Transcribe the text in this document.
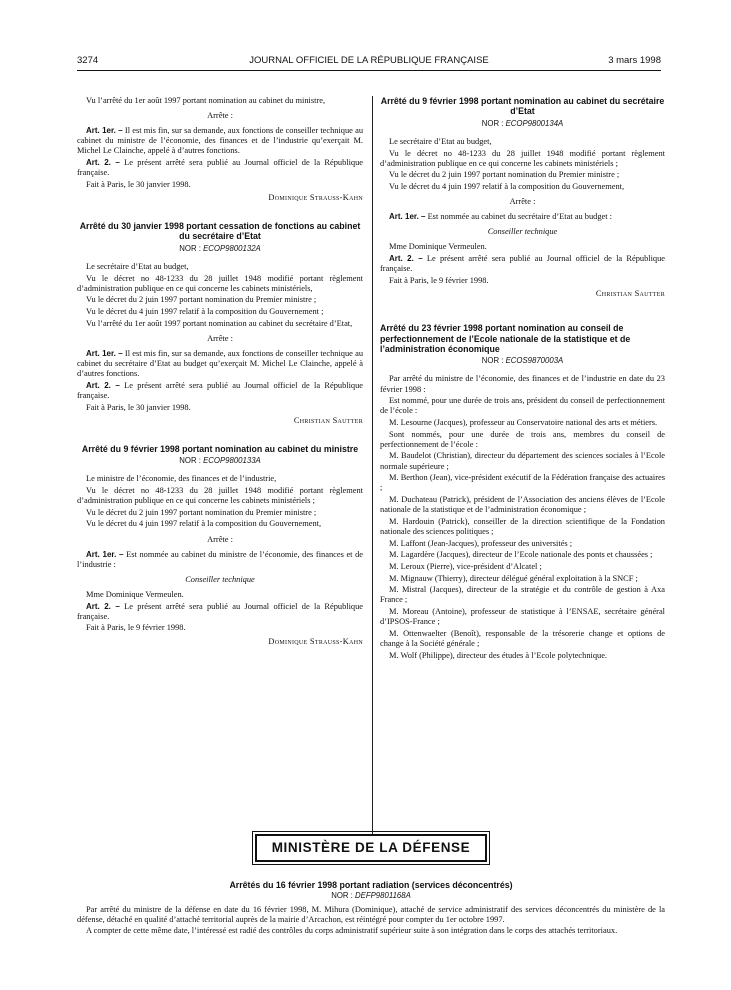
3274	JOURNAL OFFICIEL DE LA RÉPUBLIQUE FRANÇAISE	3 mars 1998

Vu l’arrêté du 1er août 1997 portant nomination au cabinet du ministre,

Arrête :

Art. 1er. – Il est mis fin, sur sa demande, aux fonctions de conseiller technique au cabinet du ministre de l’économie, des finances et de l’industrie qu’exerçait M. Michel Le Clainche, appelé à d’autres fonctions.

Art. 2. – Le présent arrêté sera publié au Journal officiel de la République française.

Fait à Paris, le 30 janvier 1998.

Dominique Strauss-Kahn

Arrêté du 30 janvier 1998 portant cessation de fonctions au cabinet du secrétaire d’Etat

NOR : ECOP9800132A

Le secrétaire d’Etat au budget,

Vu le décret no 48-1233 du 28 juillet 1948 modifié portant règlement d’administration publique en ce qui concerne les cabinets ministériels,

Vu le décret du 2 juin 1997 portant nomination du Premier ministre ;

Vu le décret du 4 juin 1997 relatif à la composition du Gouvernement ;

Vu l’arrêté du 1er août 1997 portant nomination au cabinet du secrétaire d’Etat,

Arrête :

Art. 1er. – Il est mis fin, sur sa demande, aux fonctions de conseiller technique au cabinet du secrétaire d’Etat au budget qu’exerçait M. Michel Le Clainche, appelé à d’autres fonctions.

Art. 2. – Le présent arrêté sera publié au Journal officiel de la République française.

Fait à Paris, le 30 janvier 1998.

Christian Sautter

Arrêté du 9 février 1998 portant nomination au cabinet du ministre

NOR : ECOP9800133A

Le ministre de l’économie, des finances et de l’industrie,

Vu le décret no 48-1233 du 28 juillet 1948 modifié portant règlement d’administration publique en ce qui concerne les cabinets ministériels ;

Vu le décret du 2 juin 1997 portant nomination du Premier ministre ;

Vu le décret du 4 juin 1997 relatif à la composition du Gouvernement,

Arrête :

Art. 1er. – Est nommée au cabinet du ministre de l’économie, des finances et de l’industrie :

Conseiller technique

Mme Dominique Vermeulen.

Art. 2. – Le présent arrêté sera publié au Journal officiel de la République française.

Fait à Paris, le 9 février 1998.

Dominique Strauss-Kahn

Arrêté du 9 février 1998 portant nomination au cabinet du secrétaire d’Etat

NOR : ECOP9800134A

Le secrétaire d’Etat au budget,

Vu le décret no 48-1233 du 28 juillet 1948 modifié portant règlement d’administration publique en ce qui concerne les cabinets ministériels ;

Vu le décret du 2 juin 1997 portant nomination du Premier ministre ;

Vu le décret du 4 juin 1997 relatif à la composition du Gouvernement,

Arrête :

Art. 1er. – Est nommée au cabinet du secrétaire d’Etat au budget :

Conseiller technique

Mme Dominique Vermeulen.

Art. 2. – Le présent arrêté sera publié au Journal officiel de la République française.

Fait à Paris, le 9 février 1998.

Christian Sautter

Arrêté du 23 février 1998 portant nomination au conseil de perfectionnement de l’Ecole nationale de la statistique et de l’administration économique

NOR : ECOS9870003A

Par arrêté du ministre de l’économie, des finances et de l’industrie en date du 23 février 1998 :

Est nommé, pour une durée de trois ans, président du conseil de perfectionnement de l’école :

M. Lesourne (Jacques), professeur au Conservatoire national des arts et métiers.

Sont nommés, pour une durée de trois ans, membres du conseil de perfectionnement de l’école :

M. Baudelot (Christian), directeur du département des sciences sociales à l’Ecole normale supérieure ;

M. Berthon (Jean), vice-président exécutif de la Fédération française des actuaires ;

M. Duchateau (Patrick), président de l’Association des anciens élèves de l’Ecole nationale de la statistique et de l’administration économique ;

M. Hardouin (Patrick), conseiller de la direction scientifique de la Fondation nationale des sciences politiques ;

M. Laffont (Jean-Jacques), professeur des universités ;

M. Lagardère (Jacques), directeur de l’Ecole nationale des ponts et chaussées ;

M. Leroux (Pierre), vice-président d’Alcatel ;

M. Mignauw (Thierry), directeur délégué général exploitation à la SNCF ;

M. Mistral (Jacques), directeur de la stratégie et du contrôle de gestion à Axa France ;

M. Moreau (Antoine), professeur de statistique à l’ENSAE, secrétaire général d’IPSOS-France ;

M. Ottenwaelter (Benoît), responsable de la trésorerie change et options de change à la Société générale ;

M. Wolf (Philippe), directeur des études à l’Ecole polytechnique.

MINISTÈRE DE LA DÉFENSE

Arrêtés du 16 février 1998 portant radiation (services déconcentrés)

NOR : DEFP9801168A

Par arrêté du ministre de la défense en date du 16 février 1998, M. Mihura (Dominique), attaché de service administratif des services déconcentrés du ministère de la défense, détaché en qualité d’attaché territorial auprès de la mairie d’Arcachon, est réintégré pour compter du 1er octobre 1997.

A compter de cette même date, l’intéressé est radié des contrôles du corps administratif supérieur suite à son intégration dans le corps des attachés territoriaux.
